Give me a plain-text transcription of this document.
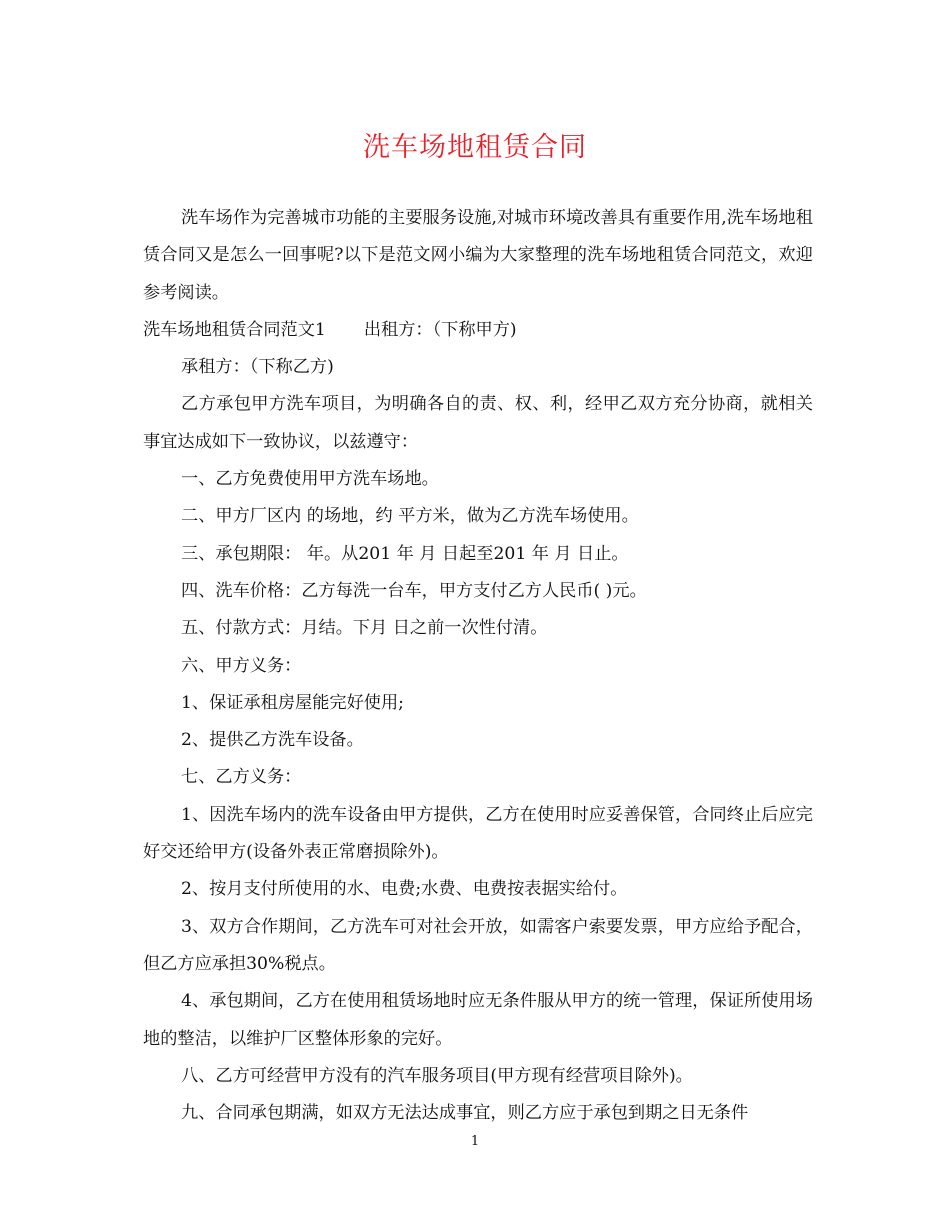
洗车场地租赁合同

洗车场作为完善城市功能的主要服务设施,对城市环境改善具有重要作用,洗车场地租赁合同又是怎么一回事呢?以下是范文网小编为大家整理的洗车场地租赁合同范文，欢迎参考阅读。

洗车场地租赁合同范文1 出租方：（下称甲方)

承租方：（下称乙方)

乙方承包甲方洗车项目，为明确各自的责、权、利，经甲乙双方充分协商，就相关事宜达成如下一致协议，以兹遵守：

一、乙方免费使用甲方洗车场地。

二、甲方厂区内 的场地，约 平方米，做为乙方洗车场使用。

三、承包期限： 年。从201 年 月 日起至201 年 月 日止。

四、洗车价格：乙方每洗一台车，甲方支付乙方人民币( )元。

五、付款方式：月结。下月 日之前一次性付清。

六、甲方义务：

1、保证承租房屋能完好使用;

2、提供乙方洗车设备。

七、乙方义务：

1、因洗车场内的洗车设备由甲方提供，乙方在使用时应妥善保管，合同终止后应完好交还给甲方(设备外表正常磨损除外)。

2、按月支付所使用的水、电费;水费、电费按表据实给付。

3、双方合作期间，乙方洗车可对社会开放，如需客户索要发票，甲方应给予配合，但乙方应承担30%税点。

4、承包期间，乙方在使用租赁场地时应无条件服从甲方的统一管理，保证所使用场地的整洁，以维护厂区整体形象的完好。

八、乙方可经营甲方没有的汽车服务项目(甲方现有经营项目除外)。

九、合同承包期满，如双方无法达成事宜，则乙方应于承包到期之日无条件

1
